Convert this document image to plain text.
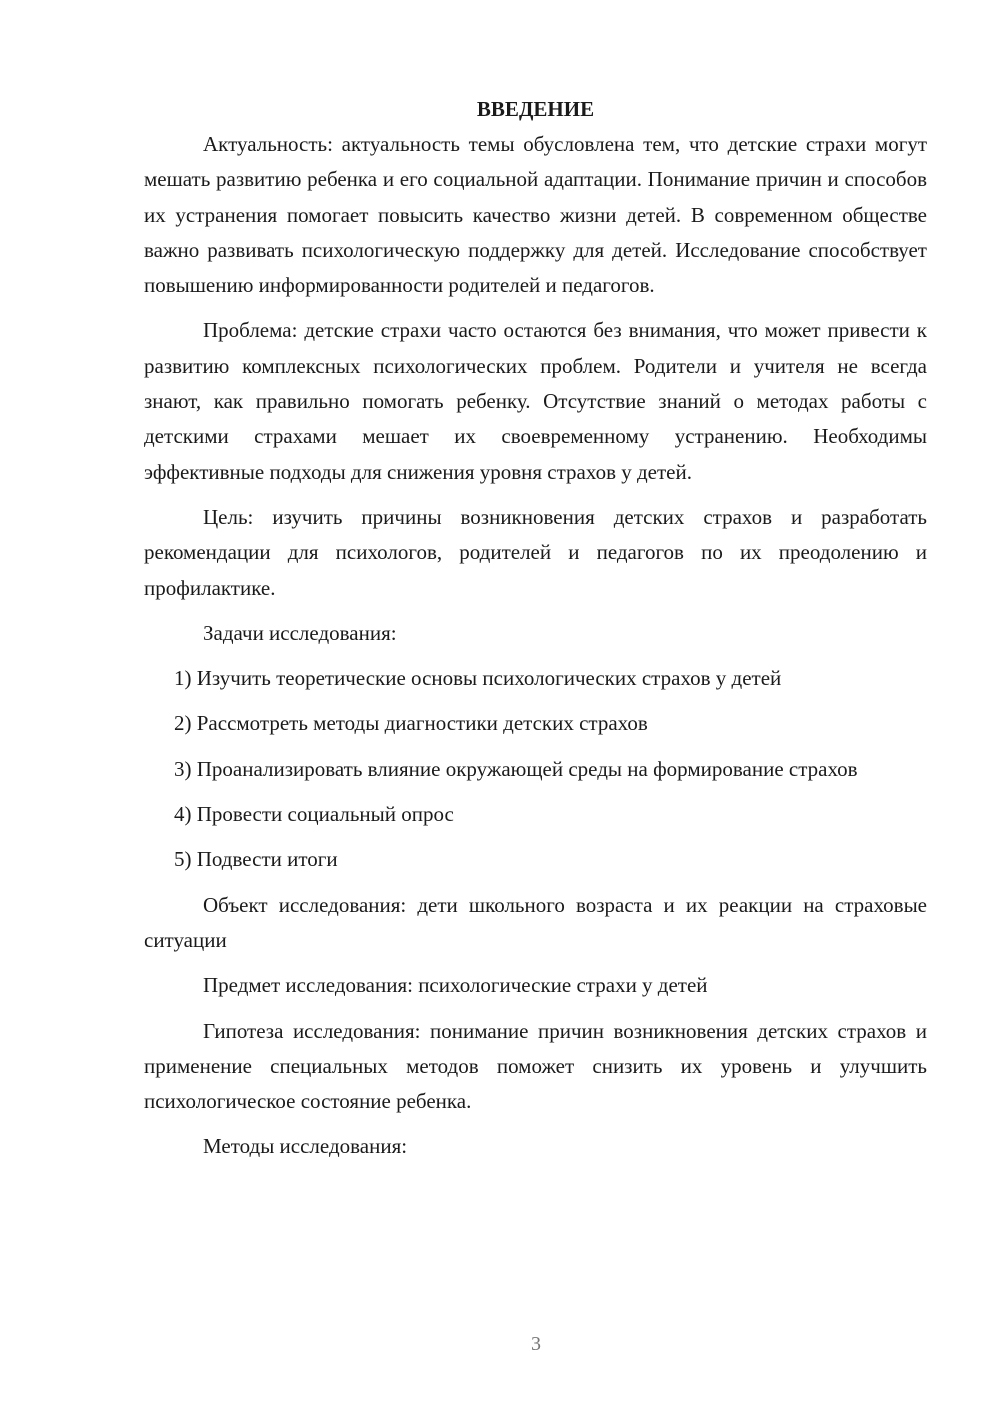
ВВЕДЕНИЕ

Актуальность: актуальность темы обусловлена тем, что детские страхи могут мешать развитию ребенка и его социальной адаптации. Понимание причин и способов их устранения помогает повысить качество жизни детей. В современном обществе важно развивать психологическую поддержку для детей. Исследование способствует повышению информированности родителей и педагогов.

Проблема: детские страхи часто остаются без внимания, что может привести к развитию комплексных психологических проблем. Родители и учителя не всегда знают, как правильно помогать ребенку. Отсутствие знаний о методах работы с детскими страхами мешает их своевременному устранению. Необходимы эффективные подходы для снижения уровня страхов у детей.

Цель: изучить причины возникновения детских страхов и разработать рекомендации для психологов, родителей и педагогов по их преодолению и профилактике.

Задачи исследования:

1) Изучить теоретические основы психологических страхов у детей

2) Рассмотреть методы диагностики детских страхов

3) Проанализировать влияние окружающей среды на формирование страхов

4) Провести социальный опрос

5) Подвести итоги

Объект исследования: дети школьного возраста и их реакции на страховые ситуации

Предмет исследования: психологические страхи у детей

Гипотеза исследования: понимание причин возникновения детских страхов и применение специальных методов поможет снизить их уровень и улучшить психологическое состояние ребенка.

Методы исследования:

3
